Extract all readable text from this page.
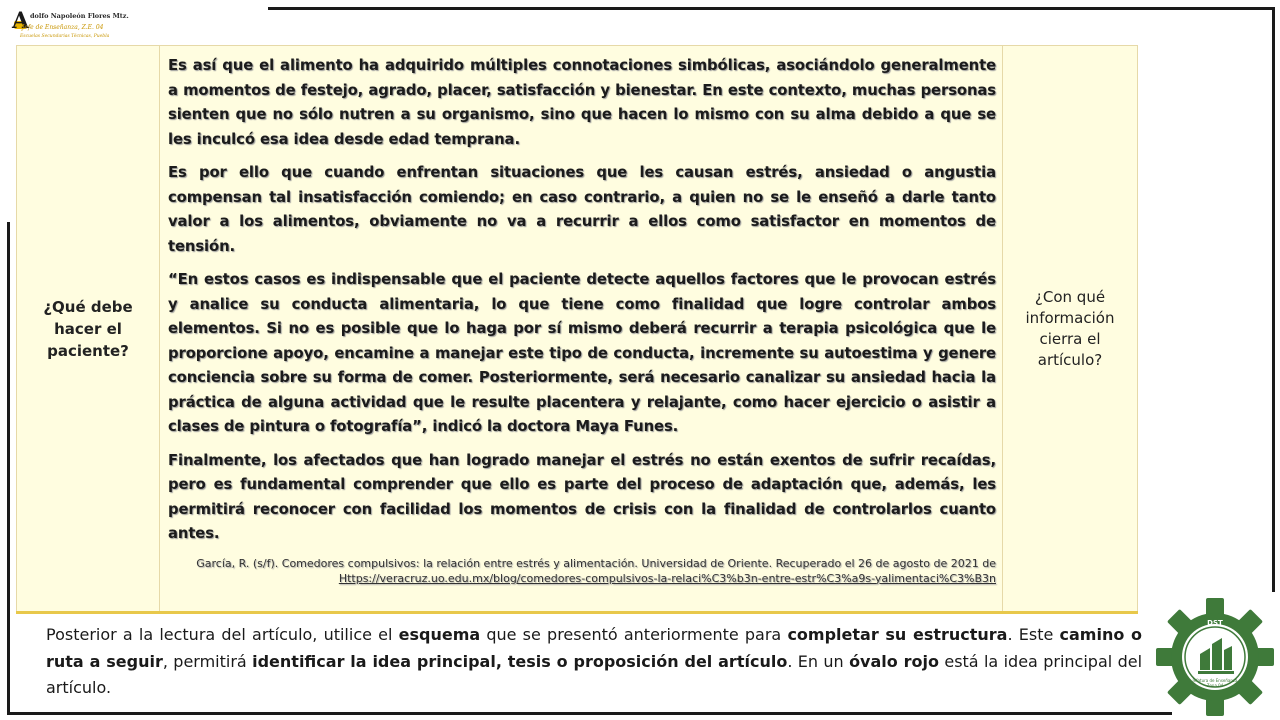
A dolfo Napoleón Flores Mtz.
Jefe de Enseñanza, Z.E. 04
Escuelas Secundarias Técnicas, Puebla
¿Qué debe hacer el paciente?

Es así que el alimento ha adquirido múltiples connotaciones simbólicas, asociándolo generalmente a momentos de festejo, agrado, placer, satisfacción y bienestar. En este contexto, muchas personas sienten que no sólo nutren a su organismo, sino que hacen lo mismo con su alma debido a que se les inculcó esa idea desde edad temprana.

Es por ello que cuando enfrentan situaciones que les causan estrés, ansiedad o angustia compensan tal insatisfacción comiendo; en caso contrario, a quien no se le enseñó a darle tanto valor a los alimentos, obviamente no va a recurrir a ellos como satisfactor en momentos de tensión.

“En estos casos es indispensable que el paciente detecte aquellos factores que le provocan estrés y analice su conducta alimentaria, lo que tiene como finalidad que logre controlar ambos elementos. Si no es posible que lo haga por sí mismo deberá recurrir a terapia psicológica que le proporcione apoyo, encamine a manejar este tipo de conducta, incremente su autoestima y genere conciencia sobre su forma de comer. Posteriormente, será necesario canalizar su ansiedad hacia la práctica de alguna actividad que le resulte placentera y relajante, como hacer ejercicio o asistir a clases de pintura o fotografía”, indicó la doctora Maya Funes.

Finalmente, los afectados que han logrado manejar el estrés no están exentos de sufrir recaídas, pero es fundamental comprender que ello es parte del proceso de adaptación que, además, les permitirá reconocer con facilidad los momentos de crisis con la finalidad de controlarlos cuanto antes.

García, R. (s/f). Comedores compulsivos: la relación entre estrés y alimentación. Universidad de Oriente. Recuperado el 26 de agosto de 2021 de Https://veracruz.uo.edu.mx/blog/comedores-compulsivos-la-relaci%C3%b3n-entre-estr%C3%a9s-yalimentaci%C3%B3n

¿Con qué información cierra el artículo?
Posterior a la lectura del artículo, utilice el esquema que se presentó anteriormente para completar su estructura. Este camino o ruta a seguir, permitirá identificar la idea principal, tesis o proposición del artículo. En un óvalo rojo está la idea principal del artículo.
DST
Jefatura de Enseñanza
Zona 04
